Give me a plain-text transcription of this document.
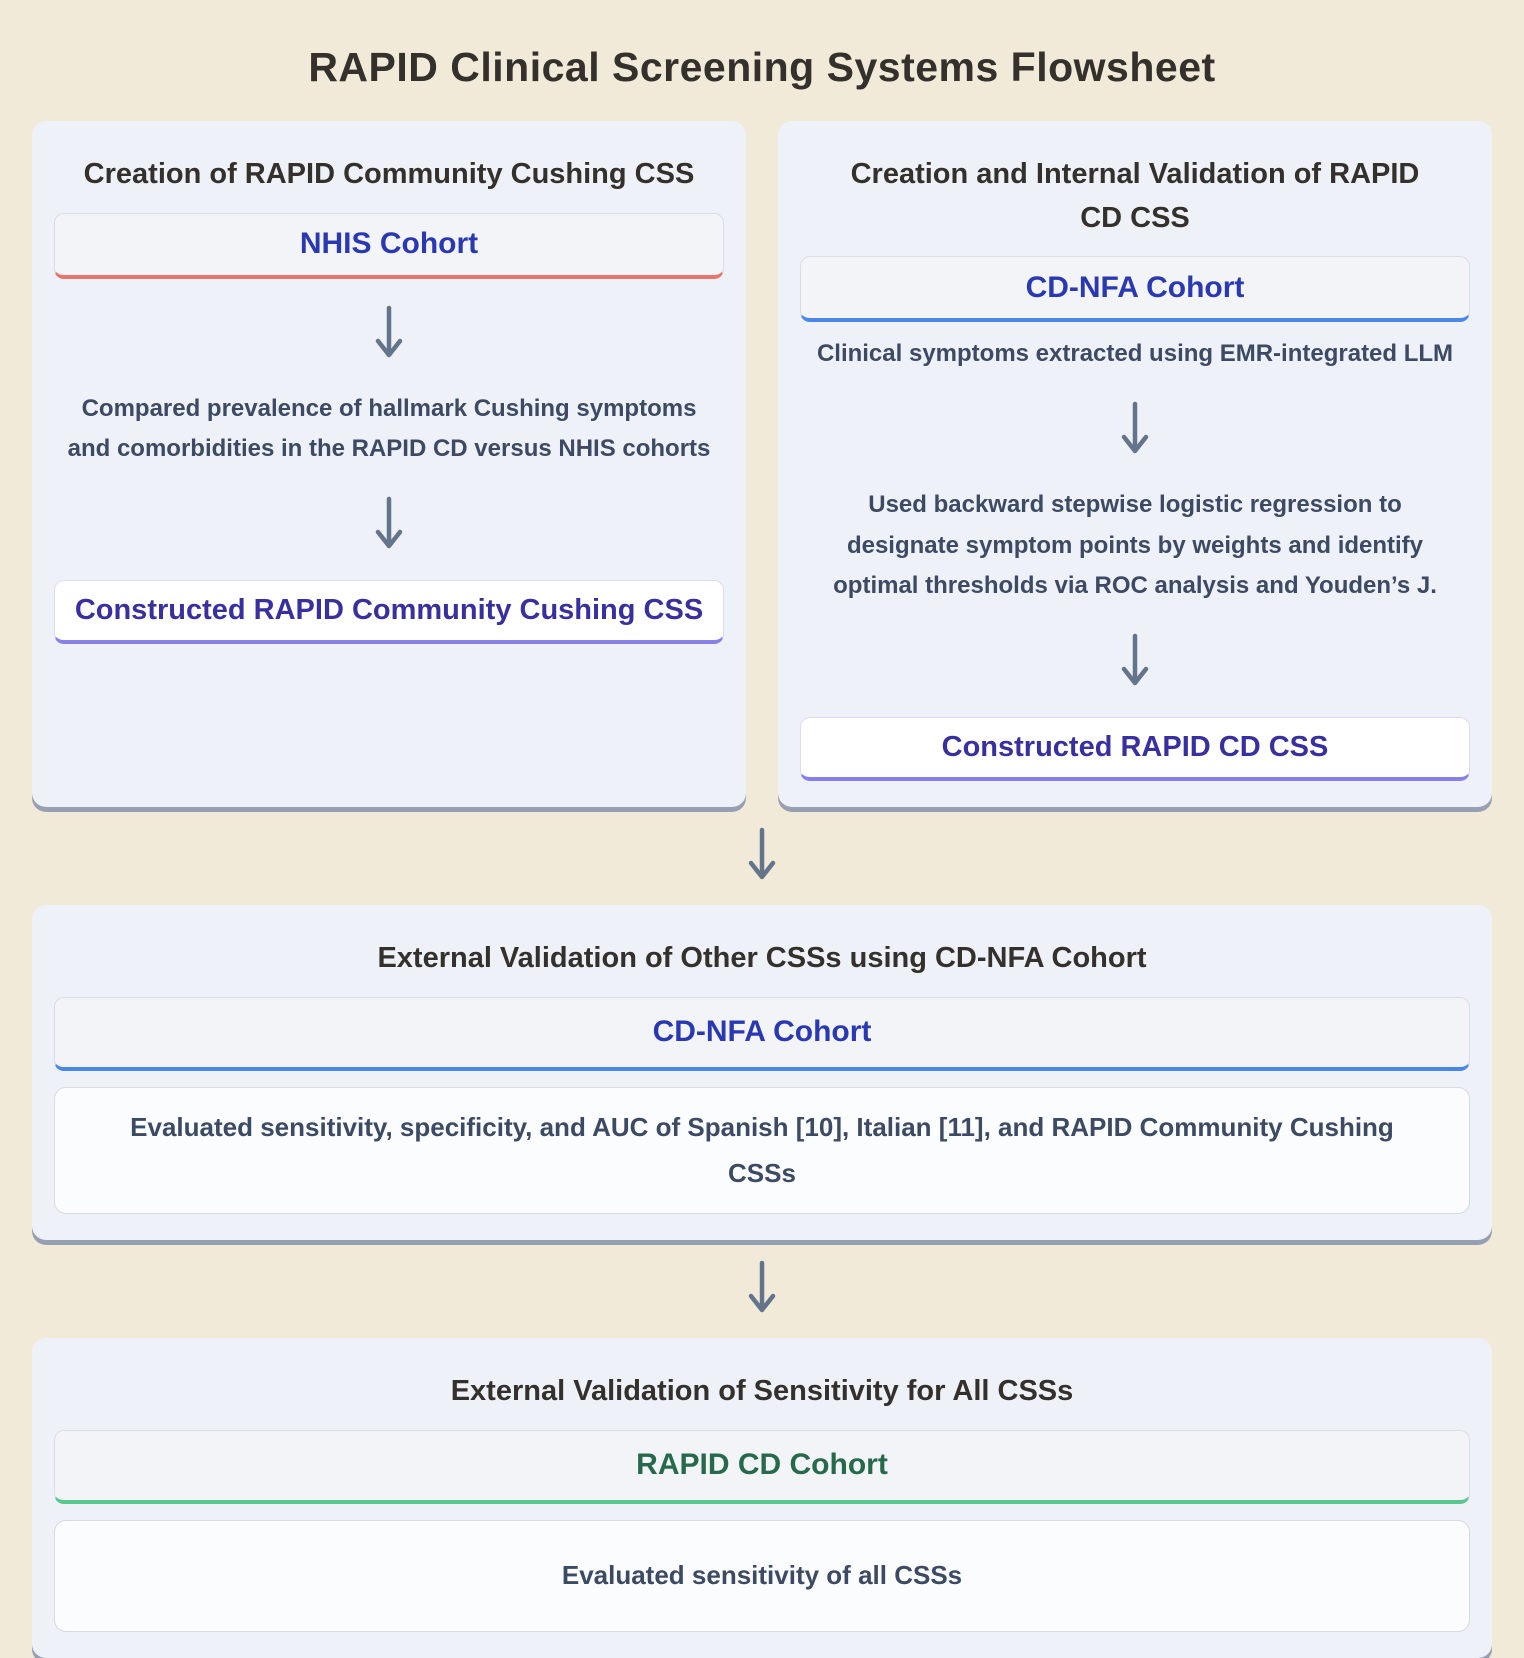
RAPID Clinical Screening Systems Flowsheet
Creation of RAPID Community Cushing CSS
NHIS Cohort

Compared prevalence of hallmark Cushing symptoms and comorbidities in the RAPID CD versus NHIS cohorts

Constructed RAPID Community Cushing CSS
Creation and Internal Validation of RAPID CD CSS
CD-NFA Cohort

Clinical symptoms extracted using EMR-integrated LLM

Used backward stepwise logistic regression to designate symptom points by weights and identify optimal thresholds via ROC analysis and Youden’s J.

Constructed RAPID CD CSS
External Validation of Other CSSs using CD-NFA Cohort
CD-NFA Cohort
Evaluated sensitivity, specificity, and AUC of Spanish [10], Italian [11], and RAPID Community Cushing CSSs
External Validation of Sensitivity for All CSSs
RAPID CD Cohort
Evaluated sensitivity of all CSSs
